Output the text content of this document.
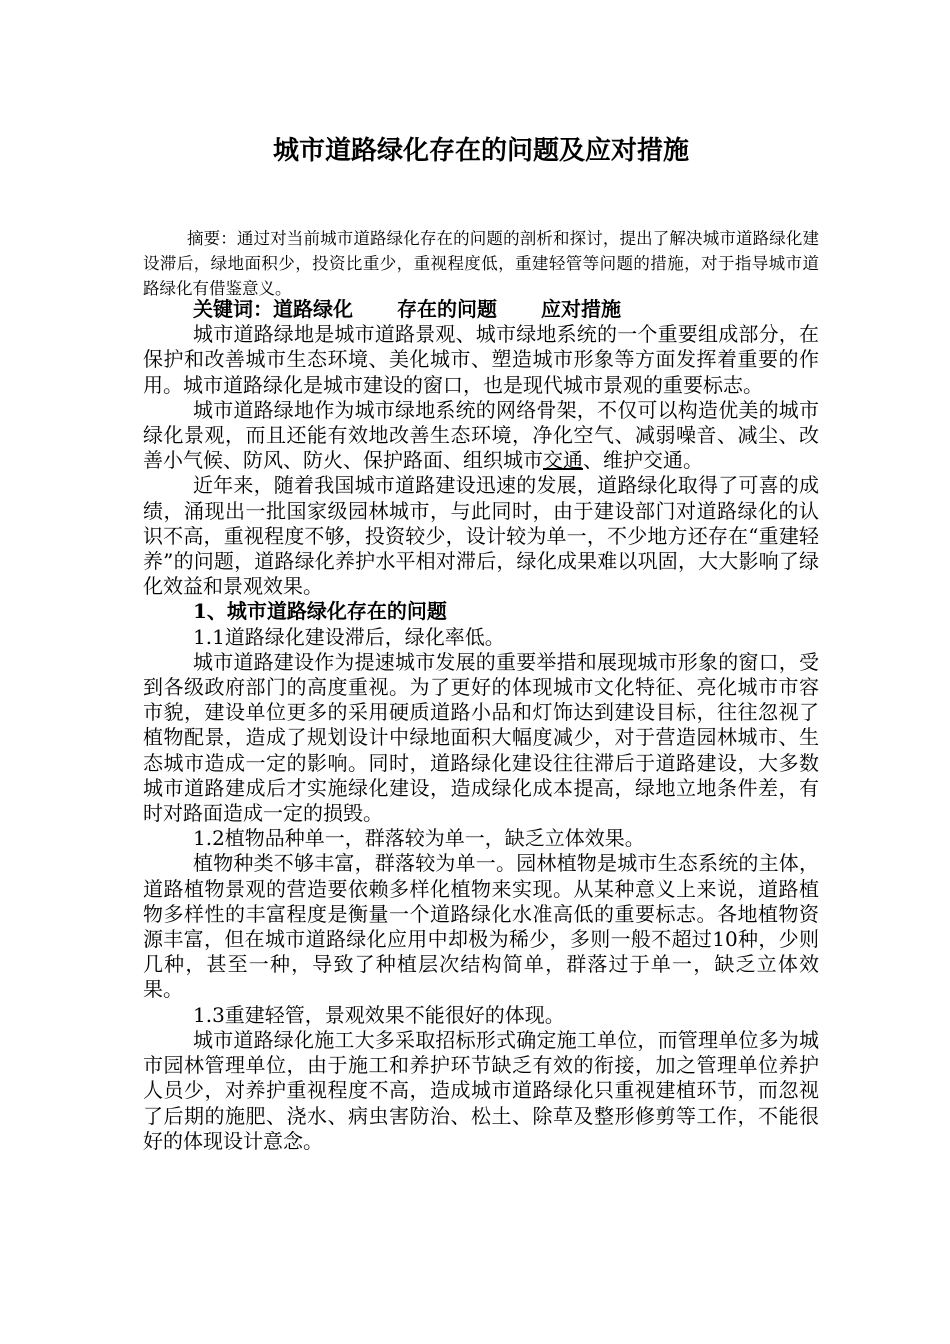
城市道路绿化存在的问题及应对措施

摘要：通过对当前城市道路绿化存在的问题的剖析和探讨，提出了解决城市道路绿化建设滞后，绿地面积少，投资比重少，重视程度低，重建轻管等问题的措施，对于指导城市道路绿化有借鉴意义。

关键词：道路绿化 存在的问题 应对措施

城市道路绿地是城市道路景观、城市绿地系统的一个重要组成部分，在保护和改善城市生态环境、美化城市、塑造城市形象等方面发挥着重要的作用。城市道路绿化是城市建设的窗口，也是现代城市景观的重要标志。

城市道路绿地作为城市绿地系统的网络骨架，不仅可以构造优美的城市绿化景观，而且还能有效地改善生态环境，净化空气、减弱噪音、减尘、改善小气候、防风、防火、保护路面、组织城市交通、维护交通。

近年来，随着我国城市道路建设迅速的发展，道路绿化取得了可喜的成绩，涌现出一批国家级园林城市，与此同时，由于建设部门对道路绿化的认识不高，重视程度不够，投资较少，设计较为单一，不少地方还存在“重建轻养”的问题，道路绿化养护水平相对滞后，绿化成果难以巩固，大大影响了绿化效益和景观效果。

1、城市道路绿化存在的问题

1.1道路绿化建设滞后，绿化率低。

城市道路建设作为提速城市发展的重要举措和展现城市形象的窗口，受到各级政府部门的高度重视。为了更好的体现城市文化特征、亮化城市市容市貌，建设单位更多的采用硬质道路小品和灯饰达到建设目标，往往忽视了植物配景，造成了规划设计中绿地面积大幅度减少，对于营造园林城市、生态城市造成一定的影响。同时，道路绿化建设往往滞后于道路建设，大多数城市道路建成后才实施绿化建设，造成绿化成本提高，绿地立地条件差，有时对路面造成一定的损毁。

1.2植物品种单一，群落较为单一，缺乏立体效果。

植物种类不够丰富，群落较为单一。园林植物是城市生态系统的主体，道路植物景观的营造要依赖多样化植物来实现。从某种意义上来说，道路植物多样性的丰富程度是衡量一个道路绿化水准高低的重要标志。各地植物资源丰富，但在城市道路绿化应用中却极为稀少，多则一般不超过10种，少则几种，甚至一种，导致了种植层次结构简单，群落过于单一，缺乏立体效果。

1.3重建轻管，景观效果不能很好的体现。

城市道路绿化施工大多采取招标形式确定施工单位，而管理单位多为城市园林管理单位，由于施工和养护环节缺乏有效的衔接，加之管理单位养护人员少，对养护重视程度不高，造成城市道路绿化只重视建植环节，而忽视了后期的施肥、浇水、病虫害防治、松土、除草及整形修剪等工作，不能很好的体现设计意念。
